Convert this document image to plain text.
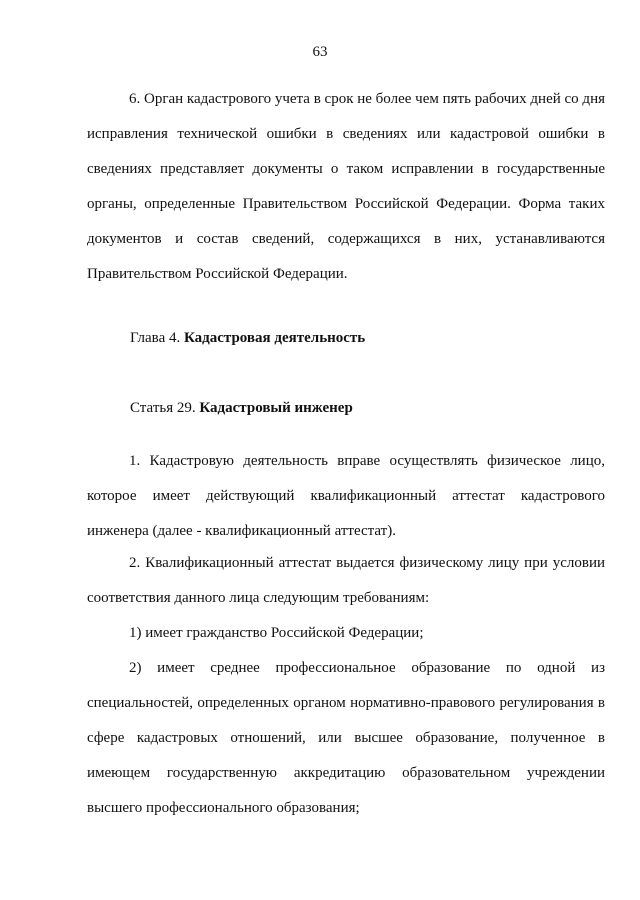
63

6. Орган кадастрового учета в срок не более чем пять рабочих дней со дня исправления технической ошибки в сведениях или кадастровой ошибки в сведениях представляет документы о таком исправлении в государственные органы, определенные Правительством Российской Федерации. Форма таких документов и состав сведений, содержащихся в них, устанавливаются Правительством Российской Федерации.

Глава 4. Кадастровая деятельность

Статья 29. Кадастровый инженер

1. Кадастровую деятельность вправе осуществлять физическое лицо, которое имеет действующий квалификационный аттестат кадастрового инженера (далее - квалификационный аттестат).

2. Квалификационный аттестат выдается физическому лицу при условии соответствия данного лица следующим требованиям:

1) имеет гражданство Российской Федерации;

2) имеет среднее профессиональное образование по одной из специальностей, определенных органом нормативно-правового регулирования в сфере кадастровых отношений, или высшее образование, полученное в имеющем государственную аккредитацию образовательном учреждении высшего профессионального образования;
